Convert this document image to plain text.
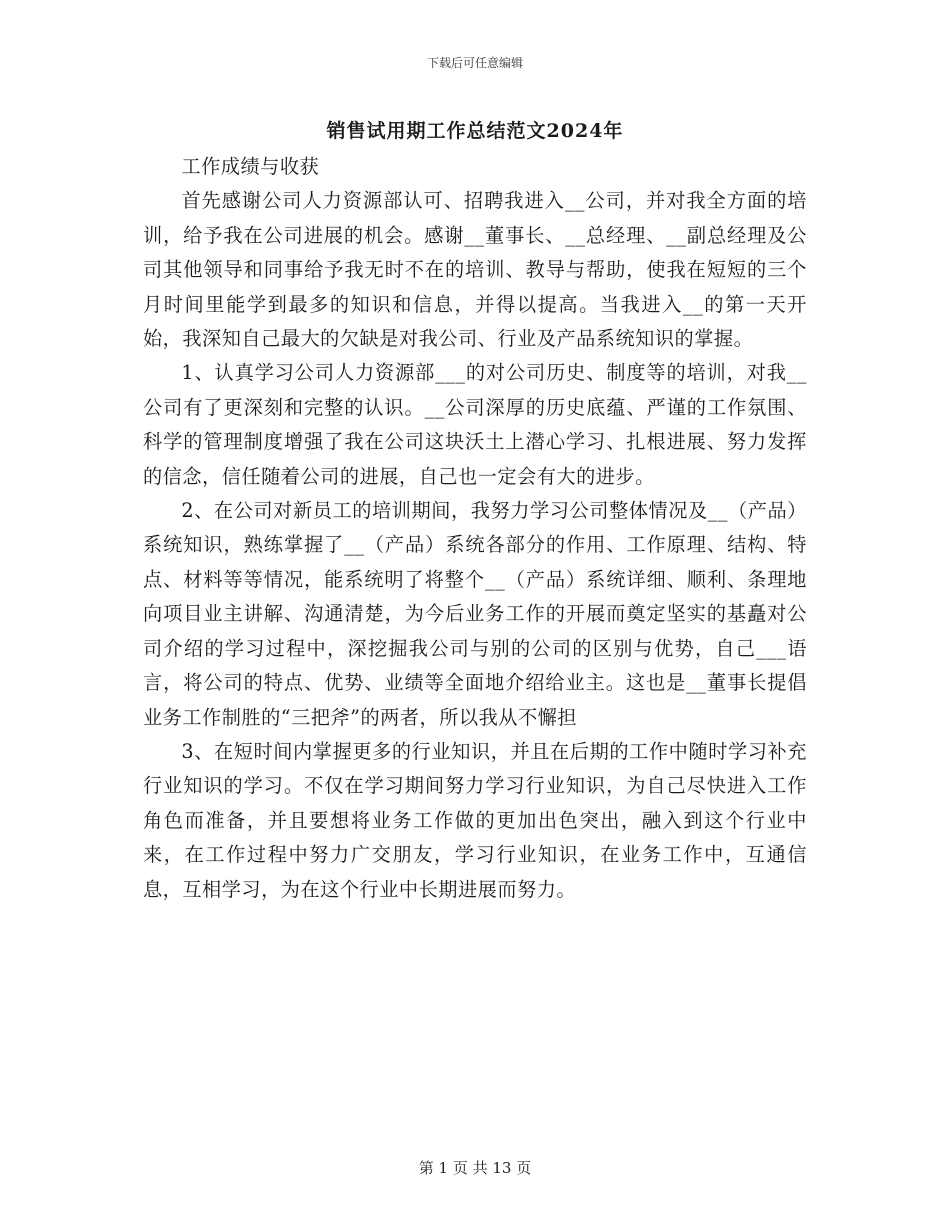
下载后可任意编辑
销售试用期工作总结范文2024年

工作成绩与收获

首先感谢公司人力资源部认可、招聘我进入__公司，并对我全方面的培训，给予我在公司进展的机会。感谢__董事长、__总经理、__副总经理及公司其他领导和同事给予我无时不在的培训、教导与帮助，使我在短短的三个月时间里能学到最多的知识和信息，并得以提高。当我进入__的第一天开始，我深知自己最大的欠缺是对我公司、行业及产品系统知识的掌握。

1、认真学习公司人力资源部___的对公司历史、制度等的培训，对我__公司有了更深刻和完整的认识。__公司深厚的历史底蕴、严谨的工作氛围、科学的管理制度增强了我在公司这块沃土上潜心学习、扎根进展、努力发挥的信念，信任随着公司的进展，自己也一定会有大的进步。

2、在公司对新员工的培训期间，我努力学习公司整体情况及__（产品）系统知识，熟练掌握了__（产品）系统各部分的作用、工作原理、结构、特点、材料等等情况，能系统明了将整个__（产品）系统详细、顺利、条理地向项目业主讲解、沟通清楚，为今后业务工作的开展而奠定坚实的基矗对公司介绍的学习过程中，深挖掘我公司与别的公司的区别与优势，自己___语言，将公司的特点、优势、业绩等全面地介绍给业主。这也是__董事长提倡业务工作制胜的“三把斧”的两者，所以我从不懈担

3、在短时间内掌握更多的行业知识，并且在后期的工作中随时学习补充行业知识的学习。不仅在学习期间努力学习行业知识，为自己尽快进入工作角色而准备，并且要想将业务工作做的更加出色突出，融入到这个行业中来，在工作过程中努力广交朋友，学习行业知识，在业务工作中，互通信息，互相学习，为在这个行业中长期进展而努力。

第 1 页 共 13 页
